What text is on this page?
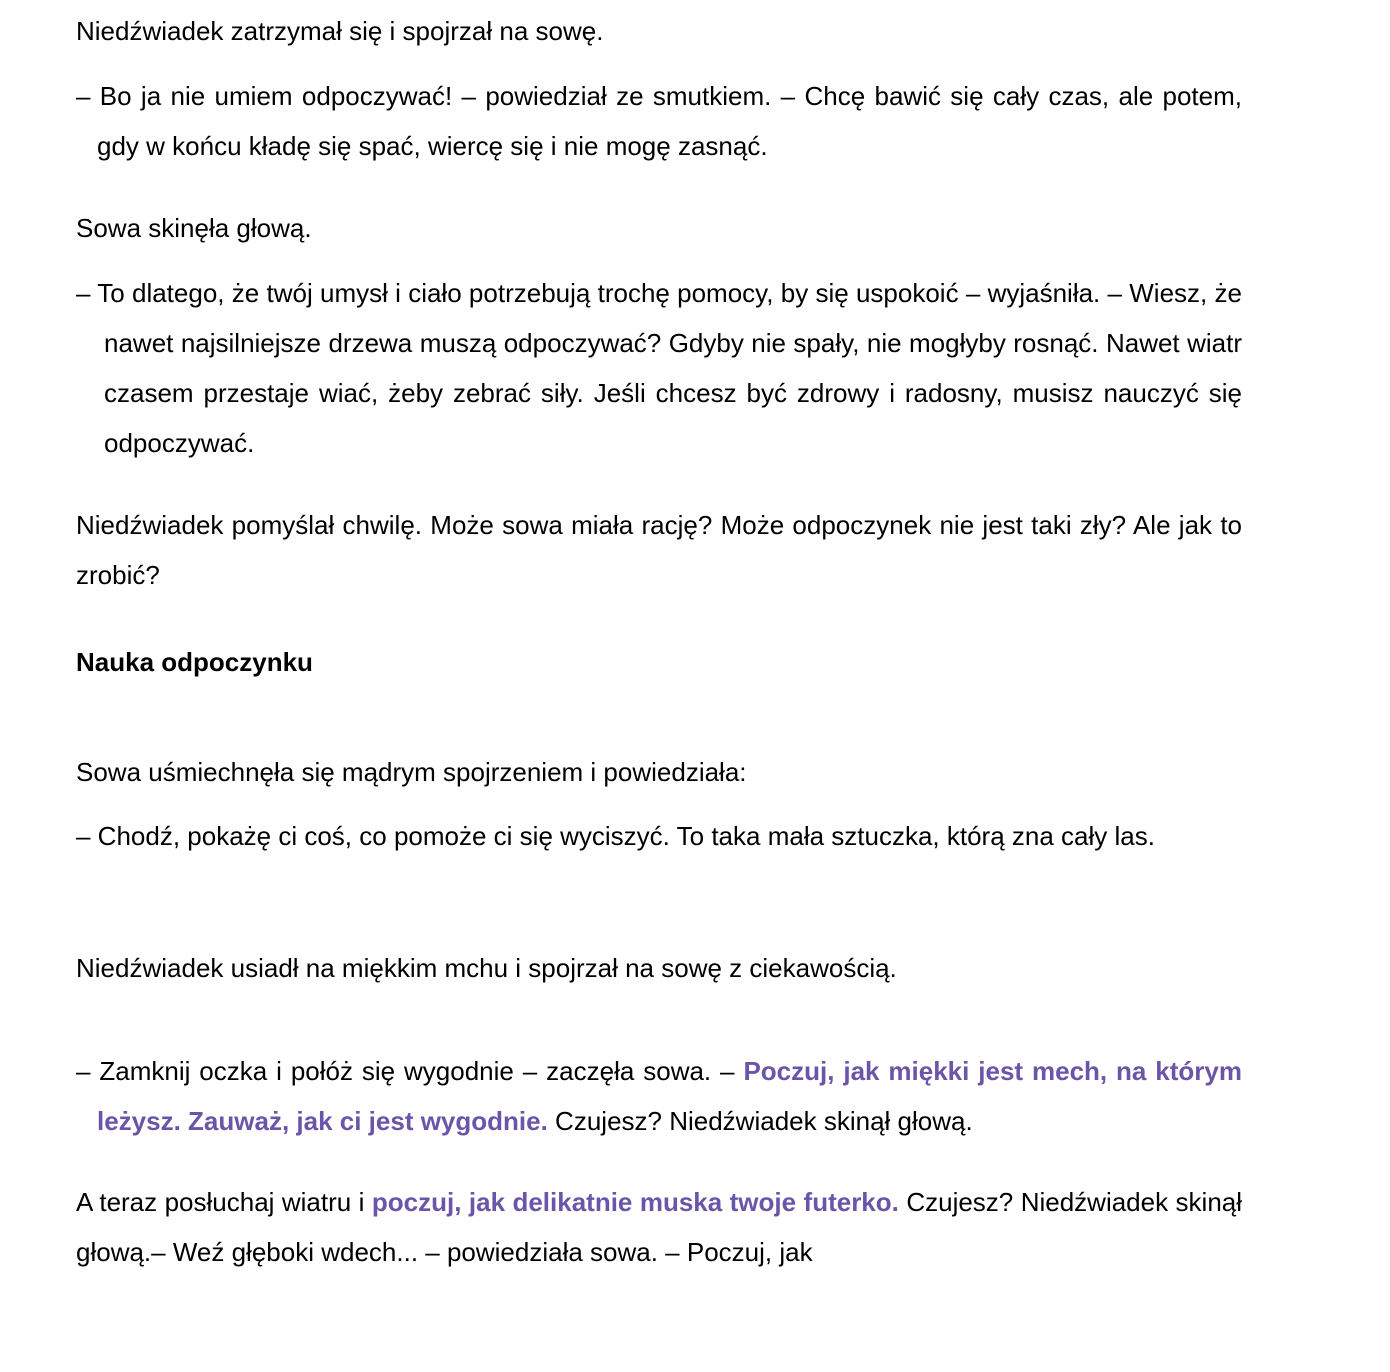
Niedźwiadek zatrzymał się i spojrzał na sowę.

– Bo ja nie umiem odpoczywać! – powiedział ze smutkiem. – Chcę bawić się cały czas, ale potem, gdy w końcu kładę się spać, wiercę się i nie mogę zasnąć.

Sowa skinęła głową.

– To dlatego, że twój umysł i ciało potrzebują trochę pomocy, by się uspokoić – wyjaśniła. – Wiesz, że nawet najsilniejsze drzewa muszą odpoczywać? Gdyby nie spały, nie mogłyby rosnąć. Nawet wiatr czasem przestaje wiać, żeby zebrać siły. Jeśli chcesz być zdrowy i radosny, musisz nauczyć się odpoczywać.

Niedźwiadek pomyślał chwilę. Może sowa miała rację? Może odpoczynek nie jest taki zły? Ale jak to zrobić?

Nauka odpoczynku

Sowa uśmiechnęła się mądrym spojrzeniem i powiedziała:

– Chodź, pokażę ci coś, co pomoże ci się wyciszyć. To taka mała sztuczka, którą zna cały las.

Niedźwiadek usiadł na miękkim mchu i spojrzał na sowę z ciekawością.

– Zamknij oczka i połóż się wygodnie – zaczęła sowa. – Poczuj, jak miękki jest mech, na którym leżysz. Zauważ, jak ci jest wygodnie. Czujesz? Niedźwiadek skinął głową.

A teraz posłuchaj wiatru i poczuj, jak delikatnie muska twoje futerko. Czujesz? Niedźwiadek skinął głową.– Weź głęboki wdech... – powiedziała sowa. – Poczuj, jak
